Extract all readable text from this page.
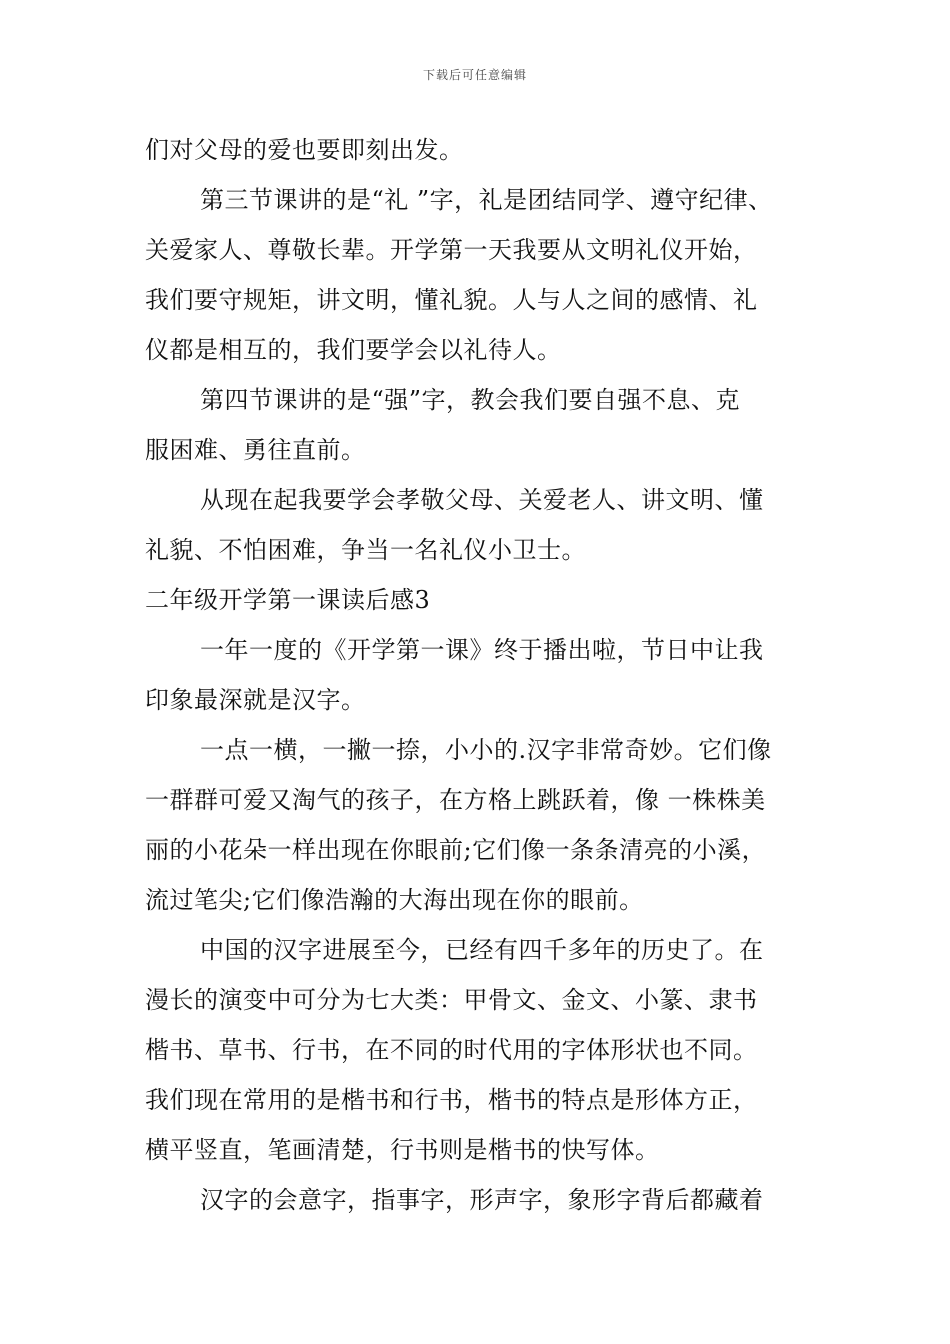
下载后可任意编辑
们对父母的爱也要即刻出发。
第三节课讲的是“礼 ”字，礼是团结同学、遵守纪律、
关爱家人、尊敬长辈。开学第一天我要从文明礼仪开始，
我们要守规矩，讲文明，懂礼貌。人与人之间的感情、礼
仪都是相互的，我们要学会以礼待人。
第四节课讲的是“强”字，教会我们要自强不息、克
服困难、勇往直前。
从现在起我要学会孝敬父母、关爱老人、讲文明、懂
礼貌、不怕困难，争当一名礼仪小卫士。
二年级开学第一课读后感3
一年一度的《开学第一课》终于播出啦，节日中让我
印象最深就是汉字。
一点一横，一撇一捺，小小的.汉字非常奇妙。它们像
一群群可爱又淘气的孩子，在方格上跳跃着，像 一株株美
丽的小花朵一样出现在你眼前;它们像一条条清亮的小溪，
流过笔尖;它们像浩瀚的大海出现在你的眼前。
中国的汉字进展至今，已经有四千多年的历史了。在
漫长的演变中可分为七大类：甲骨文、金文、小篆、隶书
楷书、草书、行书，在不同的时代用的字体形状也不同。
我们现在常用的是楷书和行书，楷书的特点是形体方正，
横平竖直，笔画清楚，行书则是楷书的快写体。
汉字的会意字，指事字，形声字，象形字背后都藏着
